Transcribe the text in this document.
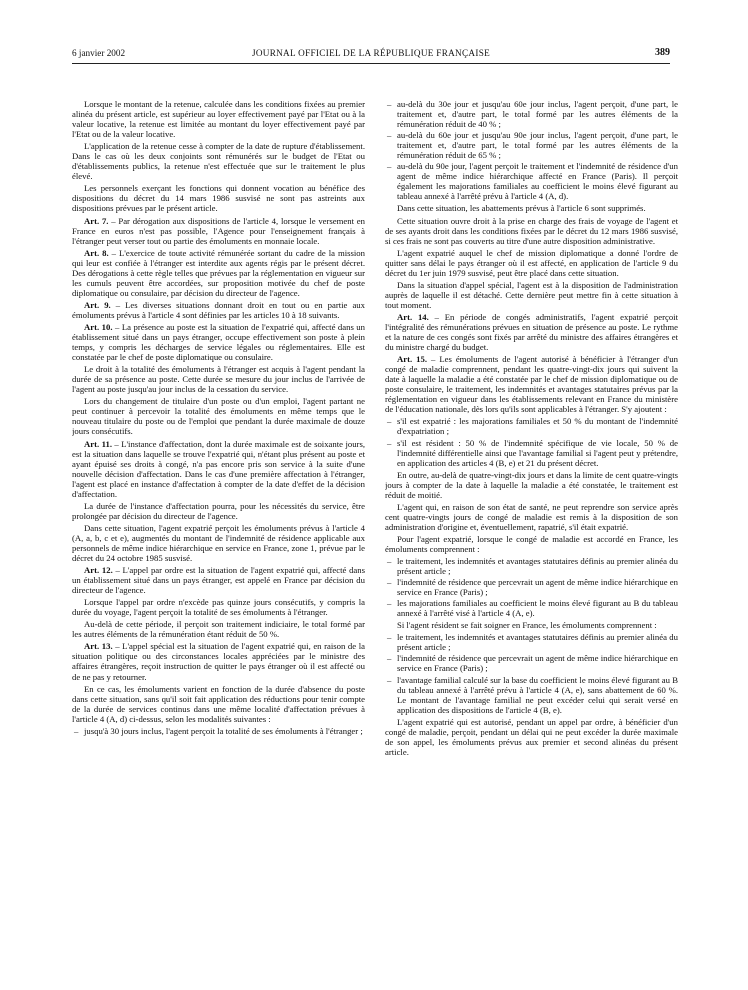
6 janvier 2002	JOURNAL OFFICIEL DE LA RÉPUBLIQUE FRANÇAISE	389

Lorsque le montant de la retenue, calculée dans les conditions fixées au premier alinéa du présent article, est supérieur au loyer effectivement payé par l'Etat ou à la valeur locative, la retenue est limitée au montant du loyer effectivement payé par l'Etat ou de la valeur locative.

L'application de la retenue cesse à compter de la date de rupture d'établissement. Dans le cas où les deux conjoints sont rémunérés sur le budget de l'Etat ou d'établissements publics, la retenue n'est effectuée que sur le traitement le plus élevé.

Les personnels exerçant les fonctions qui donnent vocation au bénéfice des dispositions du décret du 14 mars 1986 susvisé ne sont pas astreints aux dispositions prévues par le présent article.

Art. 7. – Par dérogation aux dispositions de l'article 4, lorsque le versement en France en euros n'est pas possible, l'Agence pour l'enseignement français à l'étranger peut verser tout ou partie des émoluments en monnaie locale.

Art. 8. – L'exercice de toute activité rémunérée sortant du cadre de la mission qui leur est confiée à l'étranger est interdite aux agents régis par le présent décret. Des dérogations à cette règle telles que prévues par la réglementation en vigueur sur les cumuls peuvent être accordées, sur proposition motivée du chef de poste diplomatique ou consulaire, par décision du directeur de l'agence.

Art. 9. – Les diverses situations donnant droit en tout ou en partie aux émoluments prévus à l'article 4 sont définies par les articles 10 à 18 suivants.

Art. 10. – La présence au poste est la situation de l'expatrié qui, affecté dans un établissement situé dans un pays étranger, occupe effectivement son poste à plein temps, y compris les décharges de service légales ou réglementaires. Elle est constatée par le chef de poste diplomatique ou consulaire.

Le droit à la totalité des émoluments à l'étranger est acquis à l'agent pendant la durée de sa présence au poste. Cette durée se mesure du jour inclus de l'arrivée de l'agent au poste jusqu'au jour inclus de la cessation du service.

Lors du changement de titulaire d'un poste ou d'un emploi, l'agent partant ne peut continuer à percevoir la totalité des émoluments en même temps que le nouveau titulaire du poste ou de l'emploi que pendant la durée maximale de douze jours consécutifs.

Art. 11. – L'instance d'affectation, dont la durée maximale est de soixante jours, est la situation dans laquelle se trouve l'expatrié qui, n'étant plus présent au poste et ayant épuisé ses droits à congé, n'a pas encore pris son service à la suite d'une nouvelle décision d'affectation. Dans le cas d'une première affectation à l'étranger, l'agent est placé en instance d'affectation à compter de la date d'effet de la décision d'affectation.

La durée de l'instance d'affectation pourra, pour les nécessités du service, être prolongée par décision du directeur de l'agence.

Dans cette situation, l'agent expatrié perçoit les émoluments prévus à l'article 4 (A, a, b, c et e), augmentés du montant de l'indemnité de résidence applicable aux personnels de même indice hiérarchique en service en France, zone 1, prévue par le décret du 24 octobre 1985 susvisé.

Art. 12. – L'appel par ordre est la situation de l'agent expatrié qui, affecté dans un établissement situé dans un pays étranger, est appelé en France par décision du directeur de l'agence.

Lorsque l'appel par ordre n'excède pas quinze jours consécutifs, y compris la durée du voyage, l'agent perçoit la totalité de ses émoluments à l'étranger.

Au-delà de cette période, il perçoit son traitement indiciaire, le total formé par les autres éléments de la rémunération étant réduit de 50 %.

Art. 13. – L'appel spécial est la situation de l'agent expatrié qui, en raison de la situation politique ou des circonstances locales appréciées par le ministre des affaires étrangères, reçoit instruction de quitter le pays étranger où il est affecté ou de ne pas y retourner.

En ce cas, les émoluments varient en fonction de la durée d'absence du poste dans cette situation, sans qu'il soit fait application des réductions pour tenir compte de la durée de services continus dans une même localité d'affectation prévues à l'article 4 (A, d) ci-dessus, selon les modalités suivantes :

– jusqu'à 30 jours inclus, l'agent perçoit la totalité de ses émoluments à l'étranger ;
– au-delà du 30e jour et jusqu'au 60e jour inclus, l'agent perçoit, d'une part, le traitement et, d'autre part, le total formé par les autres éléments de la rémunération réduit de 40 % ;
– au-delà du 60e jour et jusqu'au 90e jour inclus, l'agent perçoit, d'une part, le traitement et, d'autre part, le total formé par les autres éléments de la rémunération réduit de 65 % ;
– au-delà du 90e jour, l'agent perçoit le traitement et l'indemnité de résidence d'un agent de même indice hiérarchique affecté en France (Paris). Il perçoit également les majorations familiales au coefficient le moins élevé figurant au tableau annexé à l'arrêté prévu à l'article 4 (A, d).

Dans cette situation, les abattements prévus à l'article 6 sont supprimés.

Cette situation ouvre droit à la prise en charge des frais de voyage de l'agent et de ses ayants droit dans les conditions fixées par le décret du 12 mars 1986 susvisé, si ces frais ne sont pas couverts au titre d'une autre disposition administrative.

L'agent expatrié auquel le chef de mission diplomatique a donné l'ordre de quitter sans délai le pays étranger où il est affecté, en application de l'article 9 du décret du 1er juin 1979 susvisé, peut être placé dans cette situation.

Dans la situation d'appel spécial, l'agent est à la disposition de l'administration auprès de laquelle il est détaché. Cette dernière peut mettre fin à cette situation à tout moment.

Art. 14. – En période de congés administratifs, l'agent expatrié perçoit l'intégralité des rémunérations prévues en situation de présence au poste. Le rythme et la nature de ces congés sont fixés par arrêté du ministre des affaires étrangères et du ministre chargé du budget.

Art. 15. – Les émoluments de l'agent autorisé à bénéficier à l'étranger d'un congé de maladie comprennent, pendant les quatre-vingt-dix jours qui suivent la date à laquelle la maladie a été constatée par le chef de mission diplomatique ou de poste consulaire, le traitement, les indemnités et avantages statutaires prévus par la réglementation en vigueur dans les établissements relevant en France du ministère de l'éducation nationale, dès lors qu'ils sont applicables à l'étranger. S'y ajoutent :

– s'il est expatrié : les majorations familiales et 50 % du montant de l'indemnité d'expatriation ;
– s'il est résident : 50 % de l'indemnité spécifique de vie locale, 50 % de l'indemnité différentielle ainsi que l'avantage familial si l'agent peut y prétendre, en application des articles 4 (B, e) et 21 du présent décret.

En outre, au-delà de quatre-vingt-dix jours et dans la limite de cent quatre-vingts jours à compter de la date à laquelle la maladie a été constatée, le traitement est réduit de moitié.

L'agent qui, en raison de son état de santé, ne peut reprendre son service après cent quatre-vingts jours de congé de maladie est remis à la disposition de son administration d'origine et, éventuellement, rapatrié, s'il était expatrié.

Pour l'agent expatrié, lorsque le congé de maladie est accordé en France, les émoluments comprennent :

– le traitement, les indemnités et avantages statutaires définis au premier alinéa du présent article ;
– l'indemnité de résidence que percevrait un agent de même indice hiérarchique en service en France (Paris) ;
– les majorations familiales au coefficient le moins élevé figurant au B du tableau annexé à l'arrêté visé à l'article 4 (A, e).

Si l'agent résident se fait soigner en France, les émoluments comprennent :

– le traitement, les indemnités et avantages statutaires définis au premier alinéa du présent article ;
– l'indemnité de résidence que percevrait un agent de même indice hiérarchique en service en France (Paris) ;
– l'avantage familial calculé sur la base du coefficient le moins élevé figurant au B du tableau annexé à l'arrêté prévu à l'article 4 (A, e), sans abattement de 60 %. Le montant de l'avantage familial ne peut excéder celui qui serait versé en application des dispositions de l'article 4 (B, e).

L'agent expatrié qui est autorisé, pendant un appel par ordre, à bénéficier d'un congé de maladie, perçoit, pendant un délai qui ne peut excéder la durée maximale de son appel, les émoluments prévus aux premier et second alinéas du présent article.
